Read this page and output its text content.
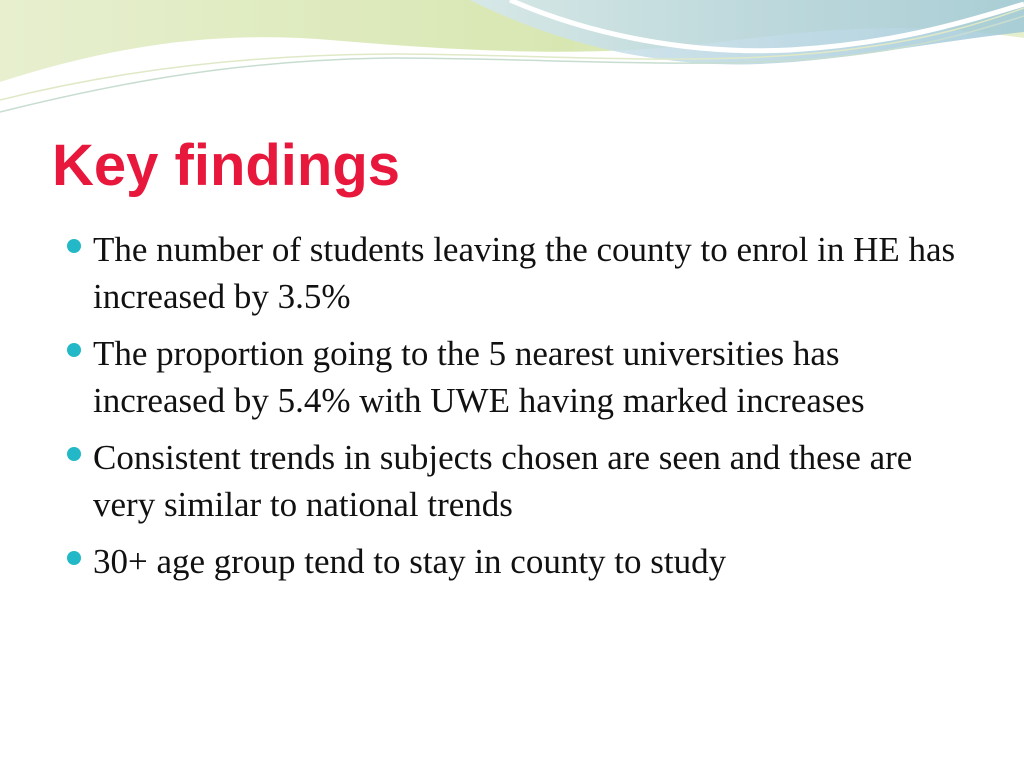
Key findings
The number of students leaving the county to enrol in HE has increased by 3.5%
The proportion going to the 5 nearest universities has increased by 5.4% with UWE having marked increases
Consistent trends in subjects chosen are seen and these are very similar to national trends
30+ age group tend to stay in county to study
